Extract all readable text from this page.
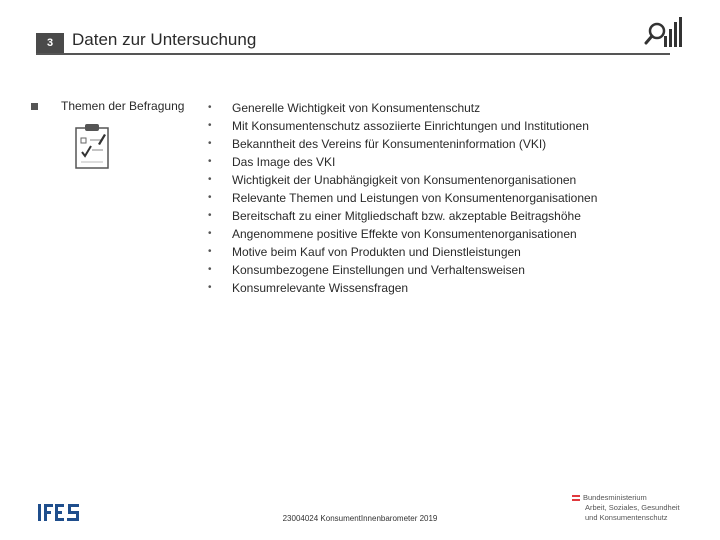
3	Daten zur Untersuchung
Themen der Befragung • Generelle Wichtigkeit von Konsumentenschutz
• Mit Konsumentenschutz assoziierte Einrichtungen und Institutionen
• Bekanntheit des Vereins für Konsumenteninformation (VKI)
• Das Image des VKI
• Wichtigkeit der Unabhängigkeit von Konsumentenorganisationen
• Relevante Themen und Leistungen von Konsumentenorganisationen
• Bereitschaft zu einer Mitgliedschaft bzw. akzeptable Beitragshöhe
• Angenommene positive Effekte von Konsumentenorganisationen
• Motive beim Kauf von Produkten und Dienstleistungen
• Konsumbezogene Einstellungen und Verhaltensweisen
• Konsumrelevante Wissensfragen
23004024 KonsumentInnenbarometer 2019
Bundesministerium
Arbeit, Soziales, Gesundheit
und Konsumentenschutz
